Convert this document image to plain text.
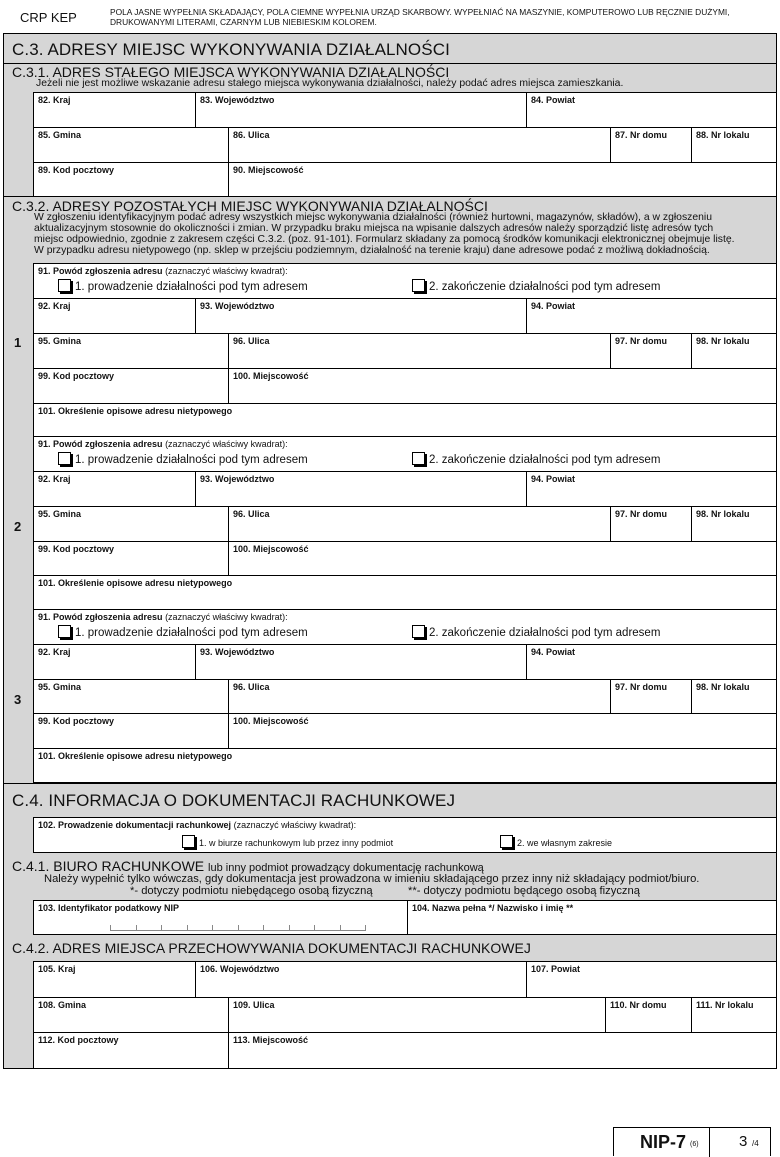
CRP KEP	POLA JASNE WYPEŁNIA SKŁADAJĄCY, POLA CIEMNE WYPEŁNIA URZĄD SKARBOWY. WYPEŁNIAĆ NA MASZYNIE, KOMPUTEROWO LUB RĘCZNIE DUŻYMI, DRUKOWANYMI LITERAMI, CZARNYM LUB NIEBIESKIM KOLOREM.
C.3. ADRESY MIEJSC WYKONYWANIA DZIAŁALNOŚCI
C.3.1. ADRES STAŁEGO MIEJSCA WYKONYWANIA DZIAŁALNOŚCI
Jeżeli nie jest możliwe wskazanie adresu stałego miejsca wykonywania działalności, należy podać adres miejsca zamieszkania.
82. Kraj	83. Województwo	84. Powiat
85. Gmina	86. Ulica	87. Nr domu	88. Nr lokalu
89. Kod pocztowy	90. Miejscowość
C.3.2. ADRESY POZOSTAŁYCH MIEJSC WYKONYWANIA DZIAŁALNOŚCI
W zgłoszeniu identyfikacyjnym podać adresy wszystkich miejsc wykonywania działalności (również hurtowni, magazynów, składów), a w zgłoszeniu
aktualizacyjnym stosownie do okoliczności i zmian. W przypadku braku miejsca na wpisanie dalszych adresów należy sporządzić listę adresów tych
miejsc odpowiednio, zgodnie z zakresem części C.3.2. (poz. 91-101). Formularz składany za pomocą środków komunikacji elektronicznej obejmuje listę.
W przypadku adresu nietypowego (np. sklep w przejściu podziemnym, działalność na terenie kraju) dane adresowe podać z możliwą dokładnością.
1
91. Powód zgłoszenia adresu (zaznaczyć właściwy kwadrat):
1. prowadzenie działalności pod tym adresem	2. zakończenie działalności pod tym adresem
92. Kraj	93. Województwo	94. Powiat
95. Gmina	96. Ulica	97. Nr domu	98. Nr lokalu
99. Kod pocztowy	100. Miejscowość
101. Określenie opisowe adresu nietypowego
2
91. Powód zgłoszenia adresu (zaznaczyć właściwy kwadrat):
1. prowadzenie działalności pod tym adresem	2. zakończenie działalności pod tym adresem
92. Kraj	93. Województwo	94. Powiat
95. Gmina	96. Ulica	97. Nr domu	98. Nr lokalu
99. Kod pocztowy	100. Miejscowość
101. Określenie opisowe adresu nietypowego
3
91. Powód zgłoszenia adresu (zaznaczyć właściwy kwadrat):
1. prowadzenie działalności pod tym adresem	2. zakończenie działalności pod tym adresem
92. Kraj	93. Województwo	94. Powiat
95. Gmina	96. Ulica	97. Nr domu	98. Nr lokalu
99. Kod pocztowy	100. Miejscowość
101. Określenie opisowe adresu nietypowego
C.4. INFORMACJA O DOKUMENTACJI RACHUNKOWEJ
102. Prowadzenie dokumentacji rachunkowej (zaznaczyć właściwy kwadrat):
1. w biurze rachunkowym lub przez inny podmiot	2. we własnym zakresie
C.4.1. BIURO RACHUNKOWE lub inny podmiot prowadzący dokumentację rachunkową
Należy wypełnić tylko wówczas, gdy dokumentacja jest prowadzona w imieniu składającego przez inny niż składający podmiot/biuro.
*- dotyczy podmiotu niebędącego osobą fizyczną	**- dotyczy podmiotu będącego osobą fizyczną
103. Identyfikator podatkowy NIP	104. Nazwa pełna */ Nazwisko i imię **
C.4.2. ADRES MIEJSCA PRZECHOWYWANIA DOKUMENTACJI RACHUNKOWEJ
105. Kraj	106. Województwo	107. Powiat
108. Gmina	109. Ulica	110. Nr domu	111. Nr lokalu
112. Kod pocztowy	113. Miejscowość
NIP-7 (6)	3 /4
